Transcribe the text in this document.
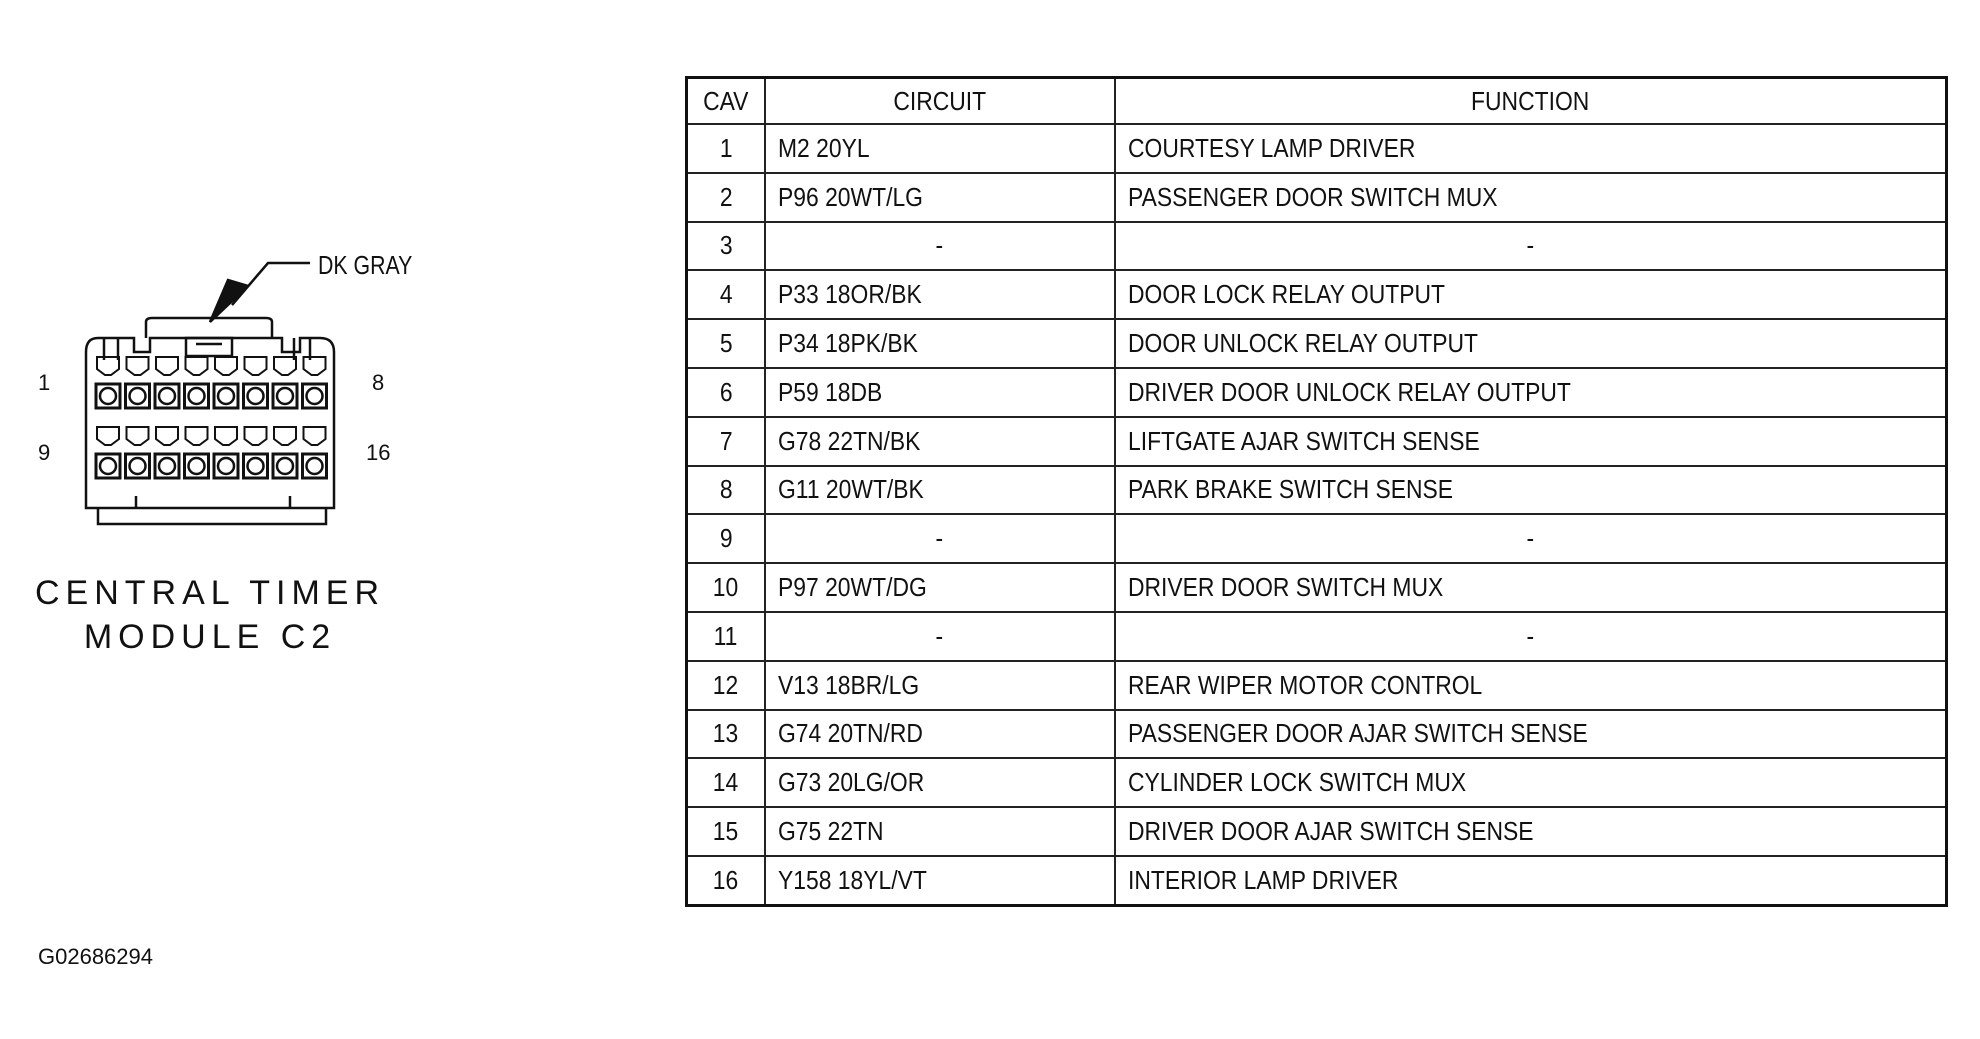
DK GRAY
1	8
9	16
CENTRAL TIMER
MODULE C2
G02686294
CAV	CIRCUIT	FUNCTION
1	M2 20YL	COURTESY LAMP DRIVER
2	P96 20WT/LG	PASSENGER DOOR SWITCH MUX
3	-	-
4	P33 18OR/BK	DOOR LOCK RELAY OUTPUT
5	P34 18PK/BK	DOOR UNLOCK RELAY OUTPUT
6	P59 18DB	DRIVER DOOR UNLOCK RELAY OUTPUT
7	G78 22TN/BK	LIFTGATE AJAR SWITCH SENSE
8	G11 20WT/BK	PARK BRAKE SWITCH SENSE
9	-	-
10	P97 20WT/DG	DRIVER DOOR SWITCH MUX
11	-	-
12	V13 18BR/LG	REAR WIPER MOTOR CONTROL
13	G74 20TN/RD	PASSENGER DOOR AJAR SWITCH SENSE
14	G73 20LG/OR	CYLINDER LOCK SWITCH MUX
15	G75 22TN	DRIVER DOOR AJAR SWITCH SENSE
16	Y158 18YL/VT	INTERIOR LAMP DRIVER
